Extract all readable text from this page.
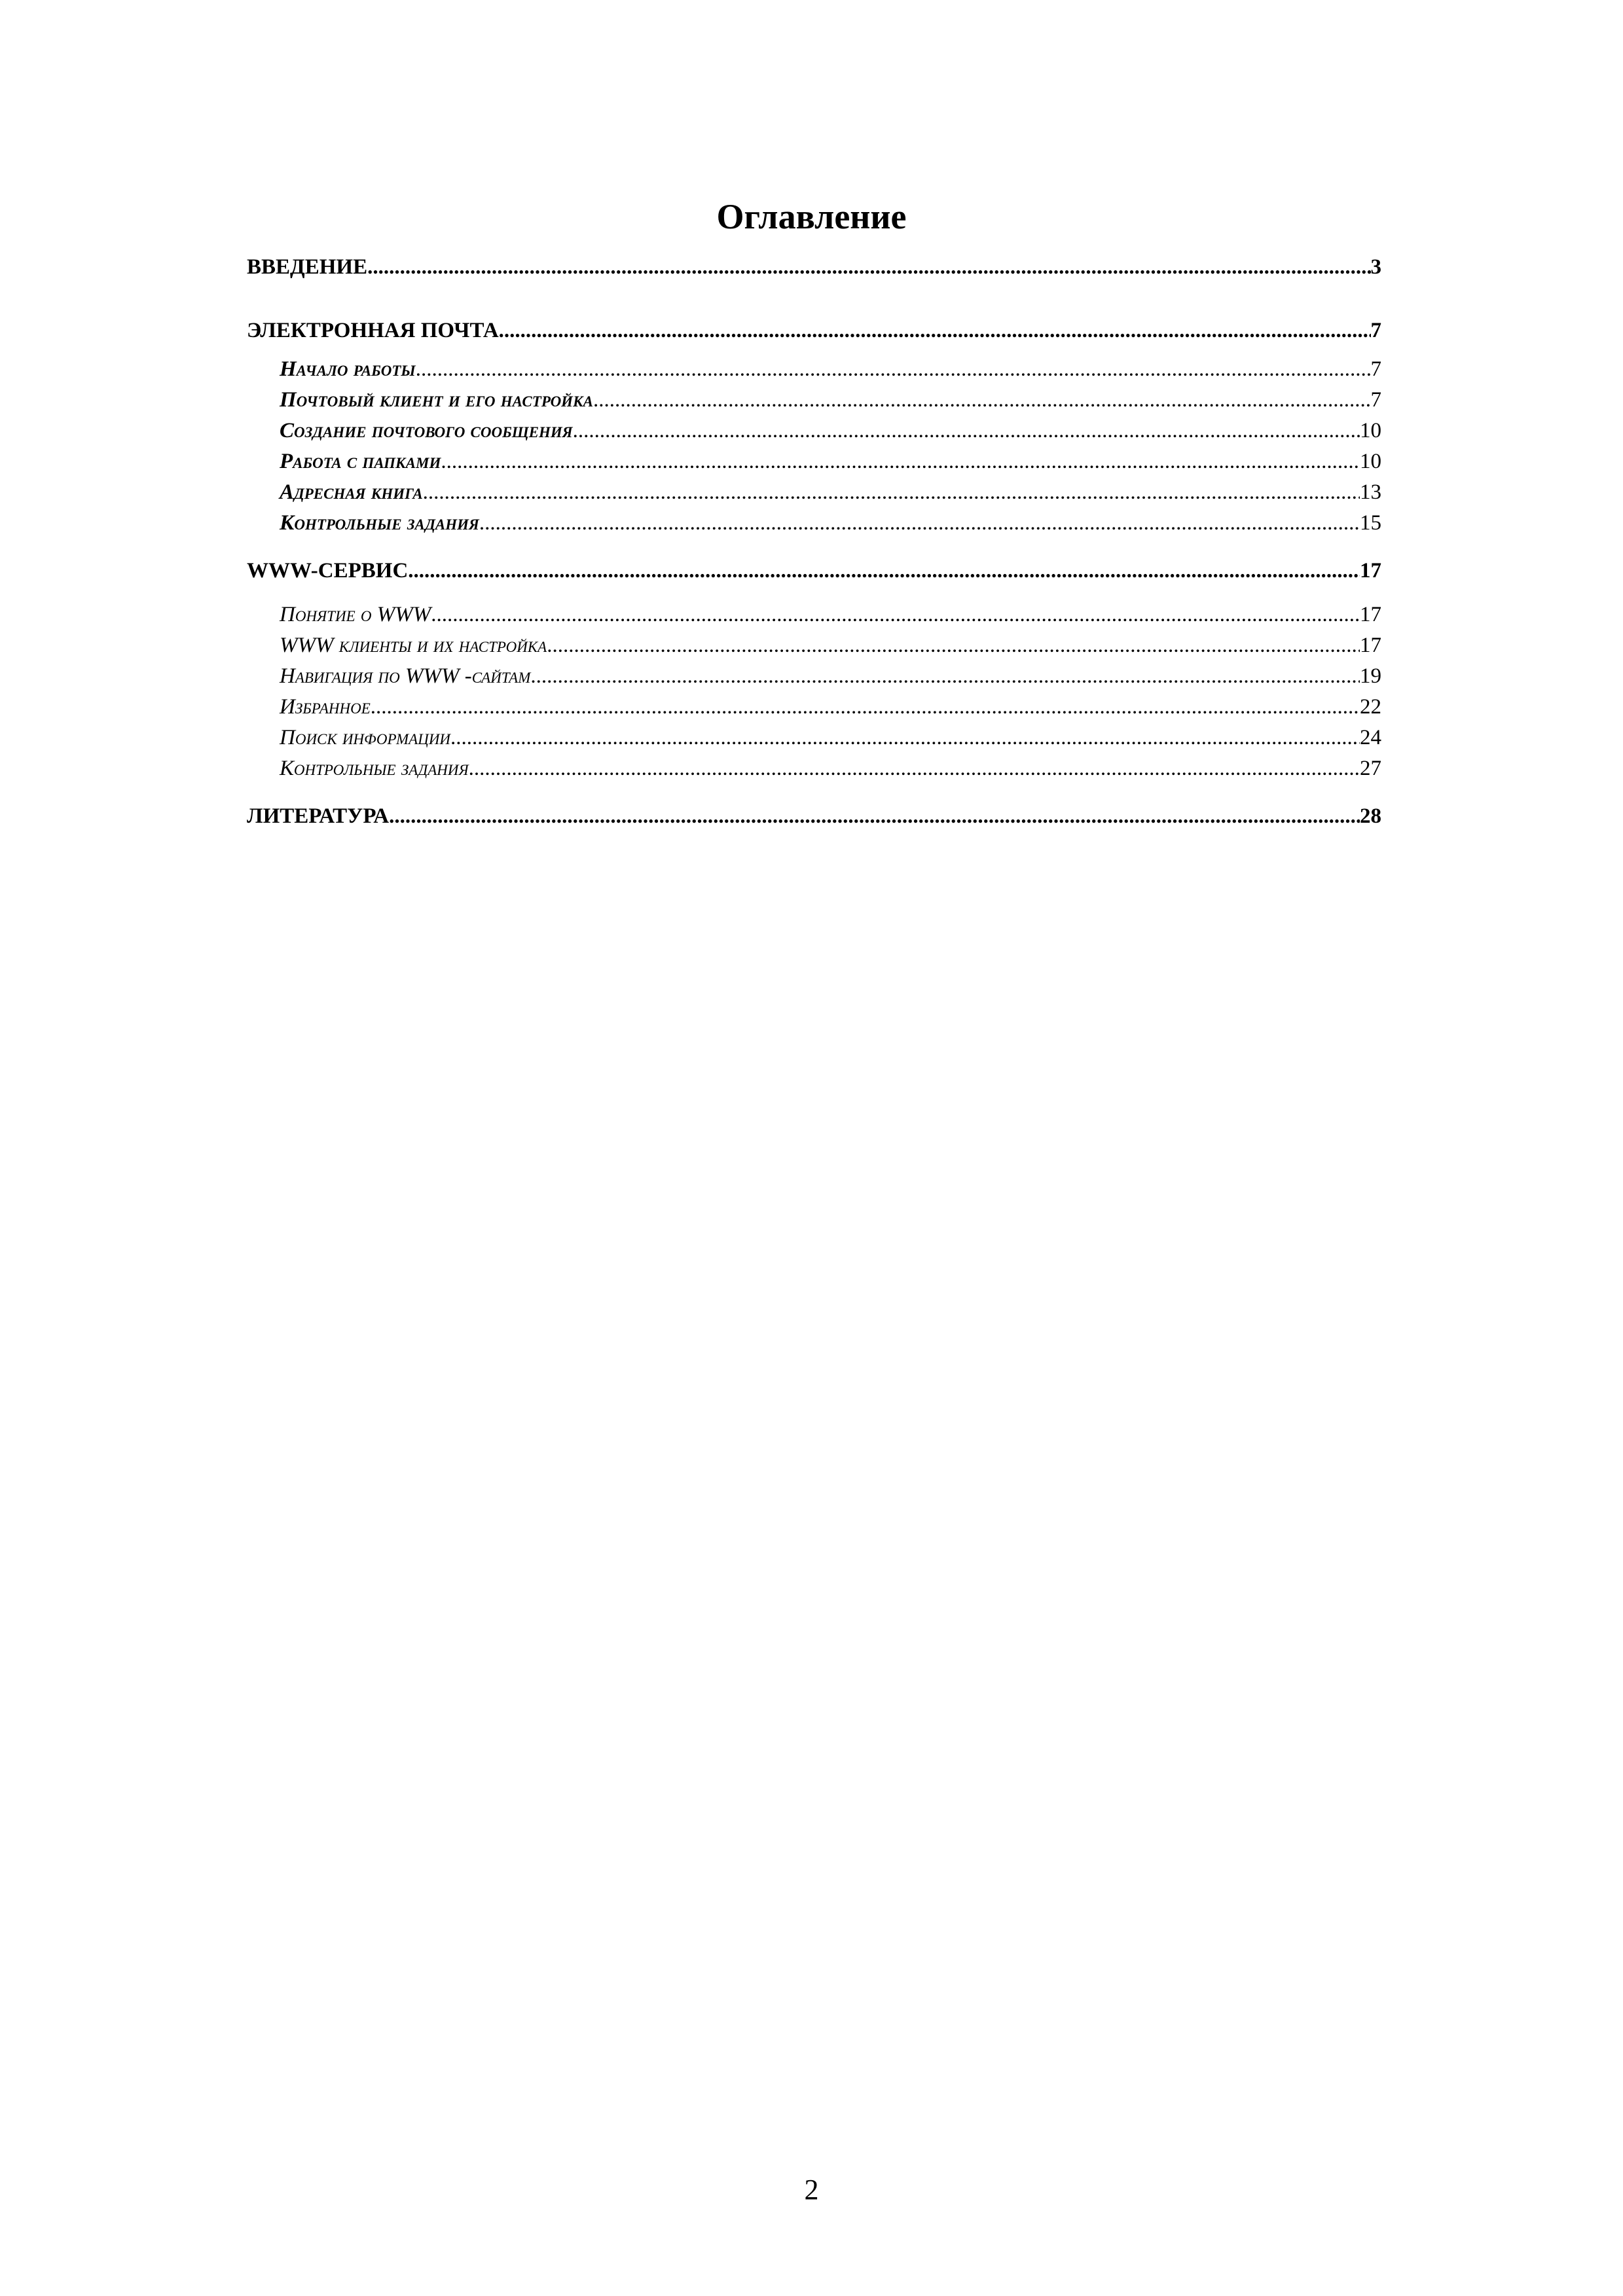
Оглавление
ВВЕДЕНИЕ .....	3
ЭЛЕКТРОННАЯ ПОЧТА .....	7
Начало работы .....	7
Почтовый клиент и его настройка .....	7
Создание почтового сообщения .....	10
Работа с папками .....	10
Адресная книга .....	13
Контрольные задания .....	15
WWW-СЕРВИС .....	17
Понятие о WWW .....	17
WWW клиенты и их настройка .....	17
Навигация по WWW -сайтам .....	19
Избранное .....	22
Поиск информации .....	24
Контрольные задания .....	27
ЛИТЕРАТУРА .....	28
2
